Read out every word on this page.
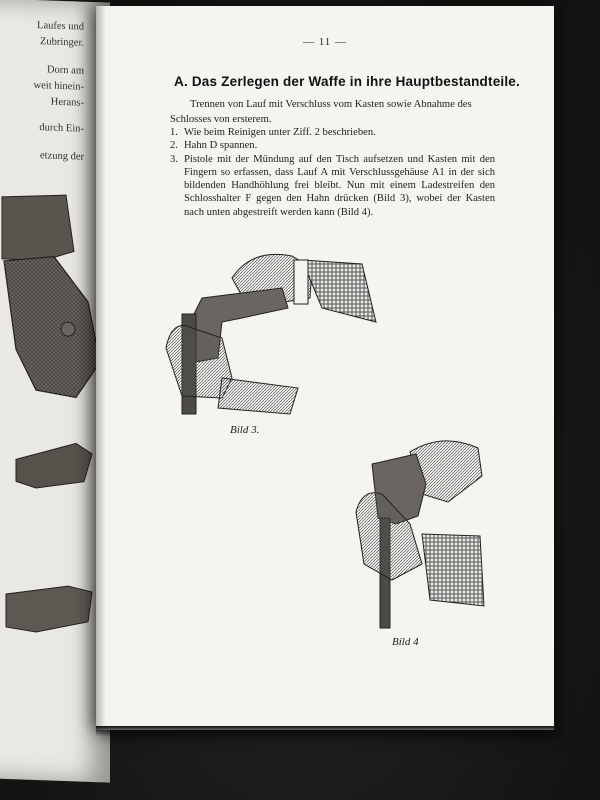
Laufes und
Zubringer.
Dorn am
weit hinein-
Herans-
durch Ein-
etzung der
— 11 —
A. Das Zerlegen der Waffe in ihre Hauptbestandteile.
Trennen von Lauf mit Verschluss vom Kasten sowie Abnahme des Schlosses von ersterem.
1. Wie beim Reinigen unter Ziff. 2 beschrieben.
2. Hahn D spannen.
3. Pistole mit der Mündung auf den Tisch aufsetzen und Kasten mit den Fingern so erfassen, dass Lauf A mit Verschlussgehäuse A1 in der sich bildenden Handhöhlung frei bleibt. Nun mit einem Ladestreifen den Schlosshalter F gegen den Hahn drücken (Bild 3), wobei der Kasten nach unten abgestreift werden kann (Bild 4).
Bild 3.
Bild 4
